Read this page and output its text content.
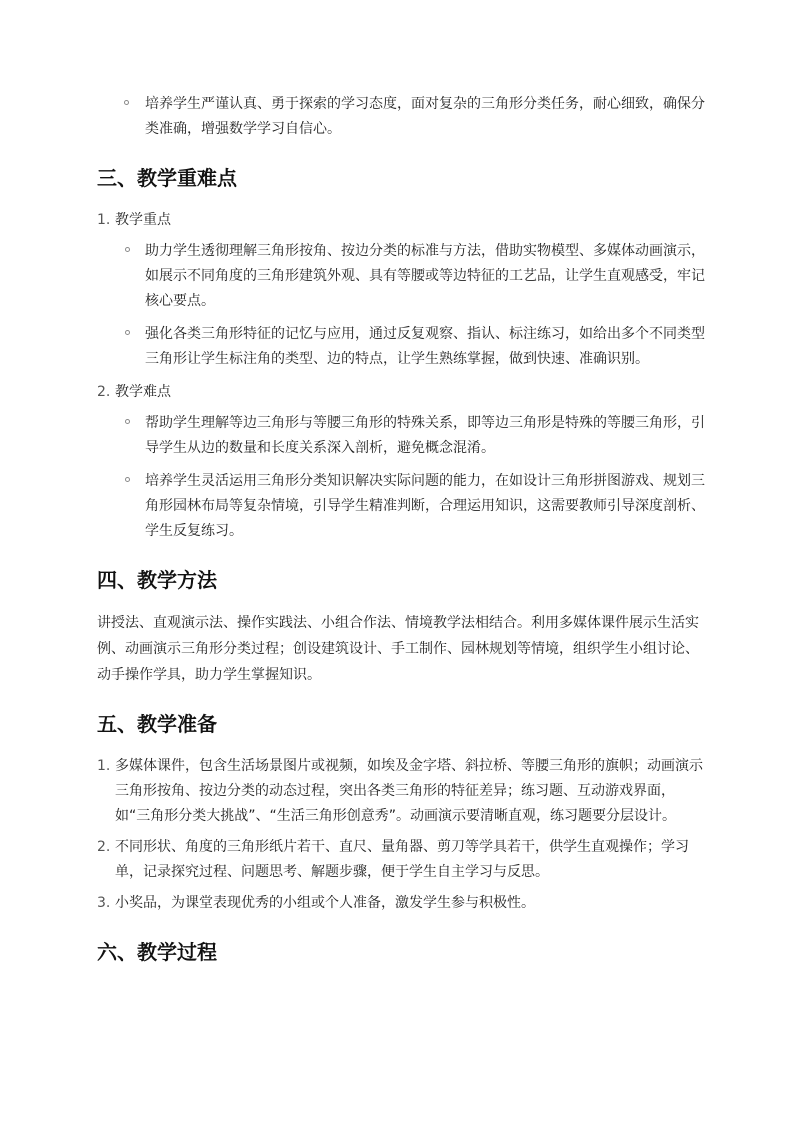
培养学生严谨认真、勇于探索的学习态度，面对复杂的三角形分类任务，耐心细致，确保分类准确，增强数学学习自信心。
三、教学重难点
1. 教学重点
助力学生透彻理解三角形按角、按边分类的标准与方法，借助实物模型、多媒体动画演示，如展示不同角度的三角形建筑外观、具有等腰或等边特征的工艺品，让学生直观感受，牢记核心要点。
强化各类三角形特征的记忆与应用，通过反复观察、指认、标注练习，如给出多个不同类型三角形让学生标注角的类型、边的特点，让学生熟练掌握，做到快速、准确识别。
2. 教学难点
帮助学生理解等边三角形与等腰三角形的特殊关系，即等边三角形是特殊的等腰三角形，引导学生从边的数量和长度关系深入剖析，避免概念混淆。
培养学生灵活运用三角形分类知识解决实际问题的能力，在如设计三角形拼图游戏、规划三角形园林布局等复杂情境，引导学生精准判断，合理运用知识，这需要教师引导深度剖析、学生反复练习。
四、教学方法

讲授法、直观演示法、操作实践法、小组合作法、情境教学法相结合。利用多媒体课件展示生活实例、动画演示三角形分类过程；创设建筑设计、手工制作、园林规划等情境，组织学生小组讨论、动手操作学具，助力学生掌握知识。

五、教学准备
1. 多媒体课件，包含生活场景图片或视频，如埃及金字塔、斜拉桥、等腰三角形的旗帜；动画演示三角形按角、按边分类的动态过程，突出各类三角形的特征差异；练习题、互动游戏界面，如“三角形分类大挑战”、“生活三角形创意秀”。动画演示要清晰直观，练习题要分层设计。
2. 不同形状、角度的三角形纸片若干、直尺、量角器、剪刀等学具若干，供学生直观操作；学习单，记录探究过程、问题思考、解题步骤，便于学生自主学习与反思。
3. 小奖品，为课堂表现优秀的小组或个人准备，激发学生参与积极性。
六、教学过程
